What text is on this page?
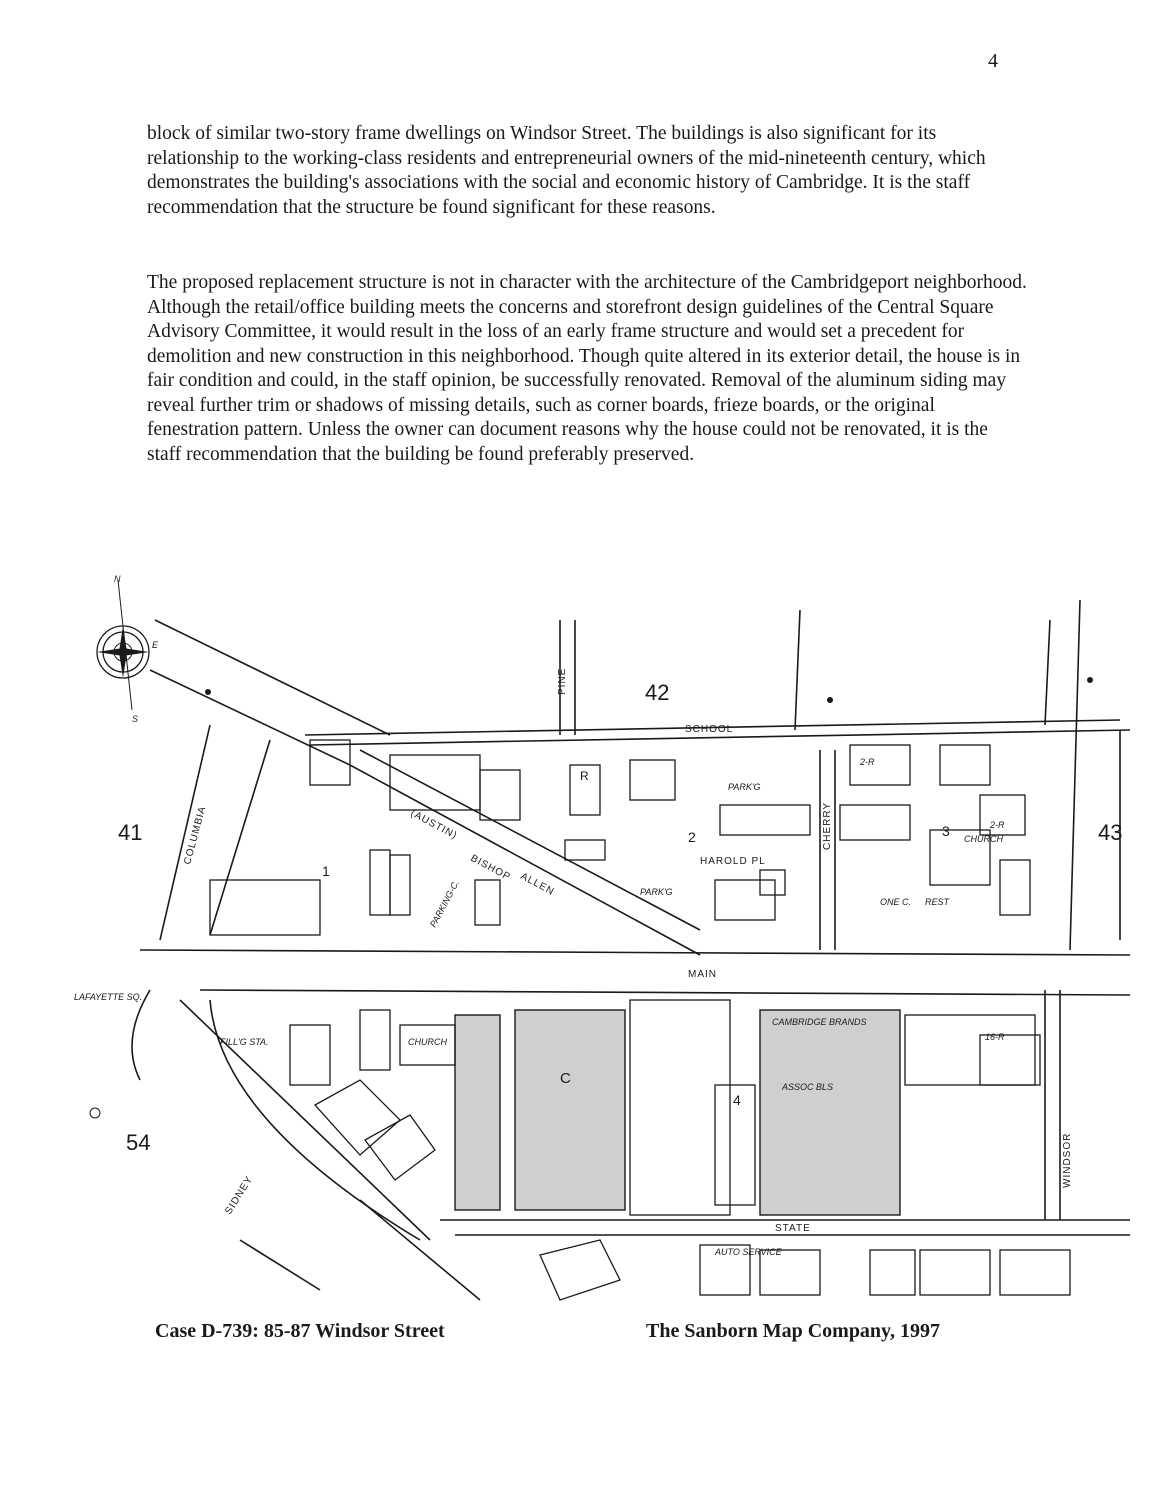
4

block of similar two-story frame dwellings on Windsor Street. The buildings is also significant for its relationship to the working-class residents and entrepreneurial owners of the mid-nineteenth century, which demonstrates the building's associations with the social and economic history of Cambridge. It is the staff recommendation that the structure be found significant for these reasons.

The proposed replacement structure is not in character with the architecture of the Cambridgeport neighborhood. Although the retail/office building meets the concerns and storefront design guidelines of the Central Square Advisory Committee, it would result in the loss of an early frame structure and would set a precedent for demolition and new construction in this neighborhood. Though quite altered in its exterior detail, the house is in fair condition and could, in the staff opinion, be successfully renovated. Removal of the aluminum siding may reveal further trim or shadows of missing details, such as corner boards, frieze boards, or the original fenestration pattern. Unless the owner can document reasons why the house could not be renovated, it is the staff recommendation that the building be found preferably preserved.

N
S
E
42
41	43
54
2	3
4
1
SCHOOL
MAIN
STATE
WINDSOR
CHERRY
COLUMBIA
BISHOP
ALLEN
(AUSTIN)
PINE
HAROLD PL
LAFAYETTE SQ.
SIDNEY
PARKING-C.	PARK'G
PARK'G
FILL'G STA.	CHURCH
CHURCH
CAMBRIDGE BRANDS
ASSOC BLS
ONE C. REST
C
R
AUTO SERVICE
16-R
2-R
2-R
Case D-739: 85-87 Windsor Street	The Sanborn Map Company, 1997
